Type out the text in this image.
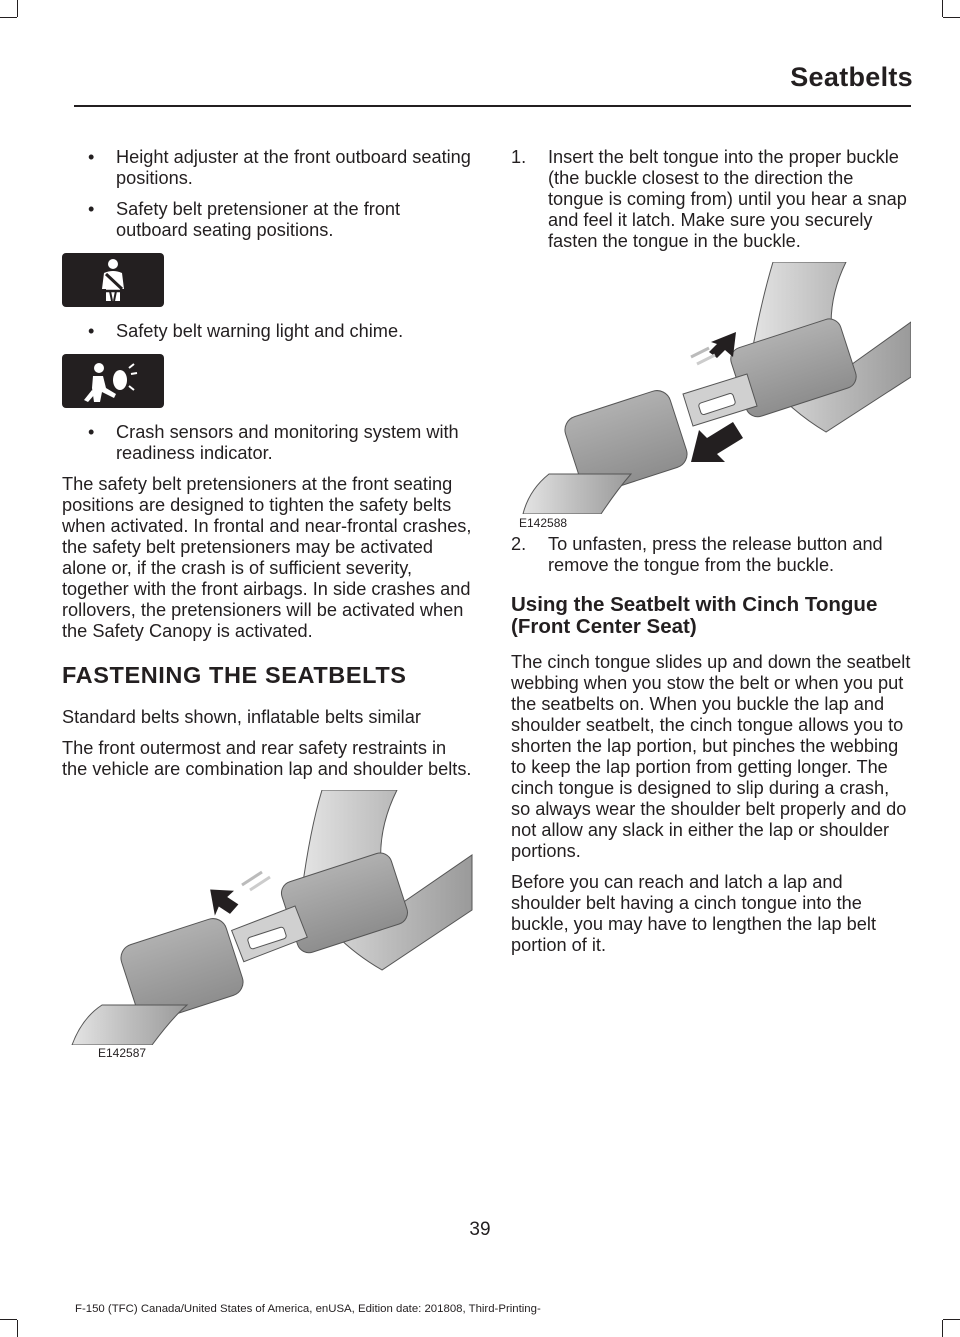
Seatbelts
• Height adjuster at the front outboard seating positions.
• Safety belt pretensioner at the front outboard seating positions.
• Safety belt warning light and chime.
• Crash sensors and monitoring system with readiness indicator.

The safety belt pretensioners at the front seating positions are designed to tighten the safety belts when activated. In frontal and near-frontal crashes, the safety belt pretensioners may be activated alone or, if the crash is of sufficient severity, together with the front airbags. In side crashes and rollovers, the pretensioners will be activated when the Safety Canopy is activated.

FASTENING THE SEATBELTS

Standard belts shown, inflatable belts similar

The front outermost and rear safety restraints in the vehicle are combination lap and shoulder belts.

E142587
1. Insert the belt tongue into the proper buckle (the buckle closest to the direction the tongue is coming from) until you hear a snap and feel it latch. Make sure you securely fasten the tongue in the buckle.
E142588
2. To unfasten, press the release button and remove the tongue from the buckle.
Using the Seatbelt with Cinch Tongue (Front Center Seat)

The cinch tongue slides up and down the seatbelt webbing when you stow the belt or when you put the seatbelts on. When you buckle the lap and shoulder seatbelt, the cinch tongue allows you to shorten the lap portion, but pinches the webbing to keep the lap portion from getting longer. The cinch tongue is designed to slip during a crash, so always wear the shoulder belt properly and do not allow any slack in either the lap or shoulder portions.

Before you can reach and latch a lap and shoulder belt having a cinch tongue into the buckle, you may have to lengthen the lap belt portion of it.

39
F-150 (TFC) Canada/United States of America, enUSA, Edition date: 201808, Third-Printing-
